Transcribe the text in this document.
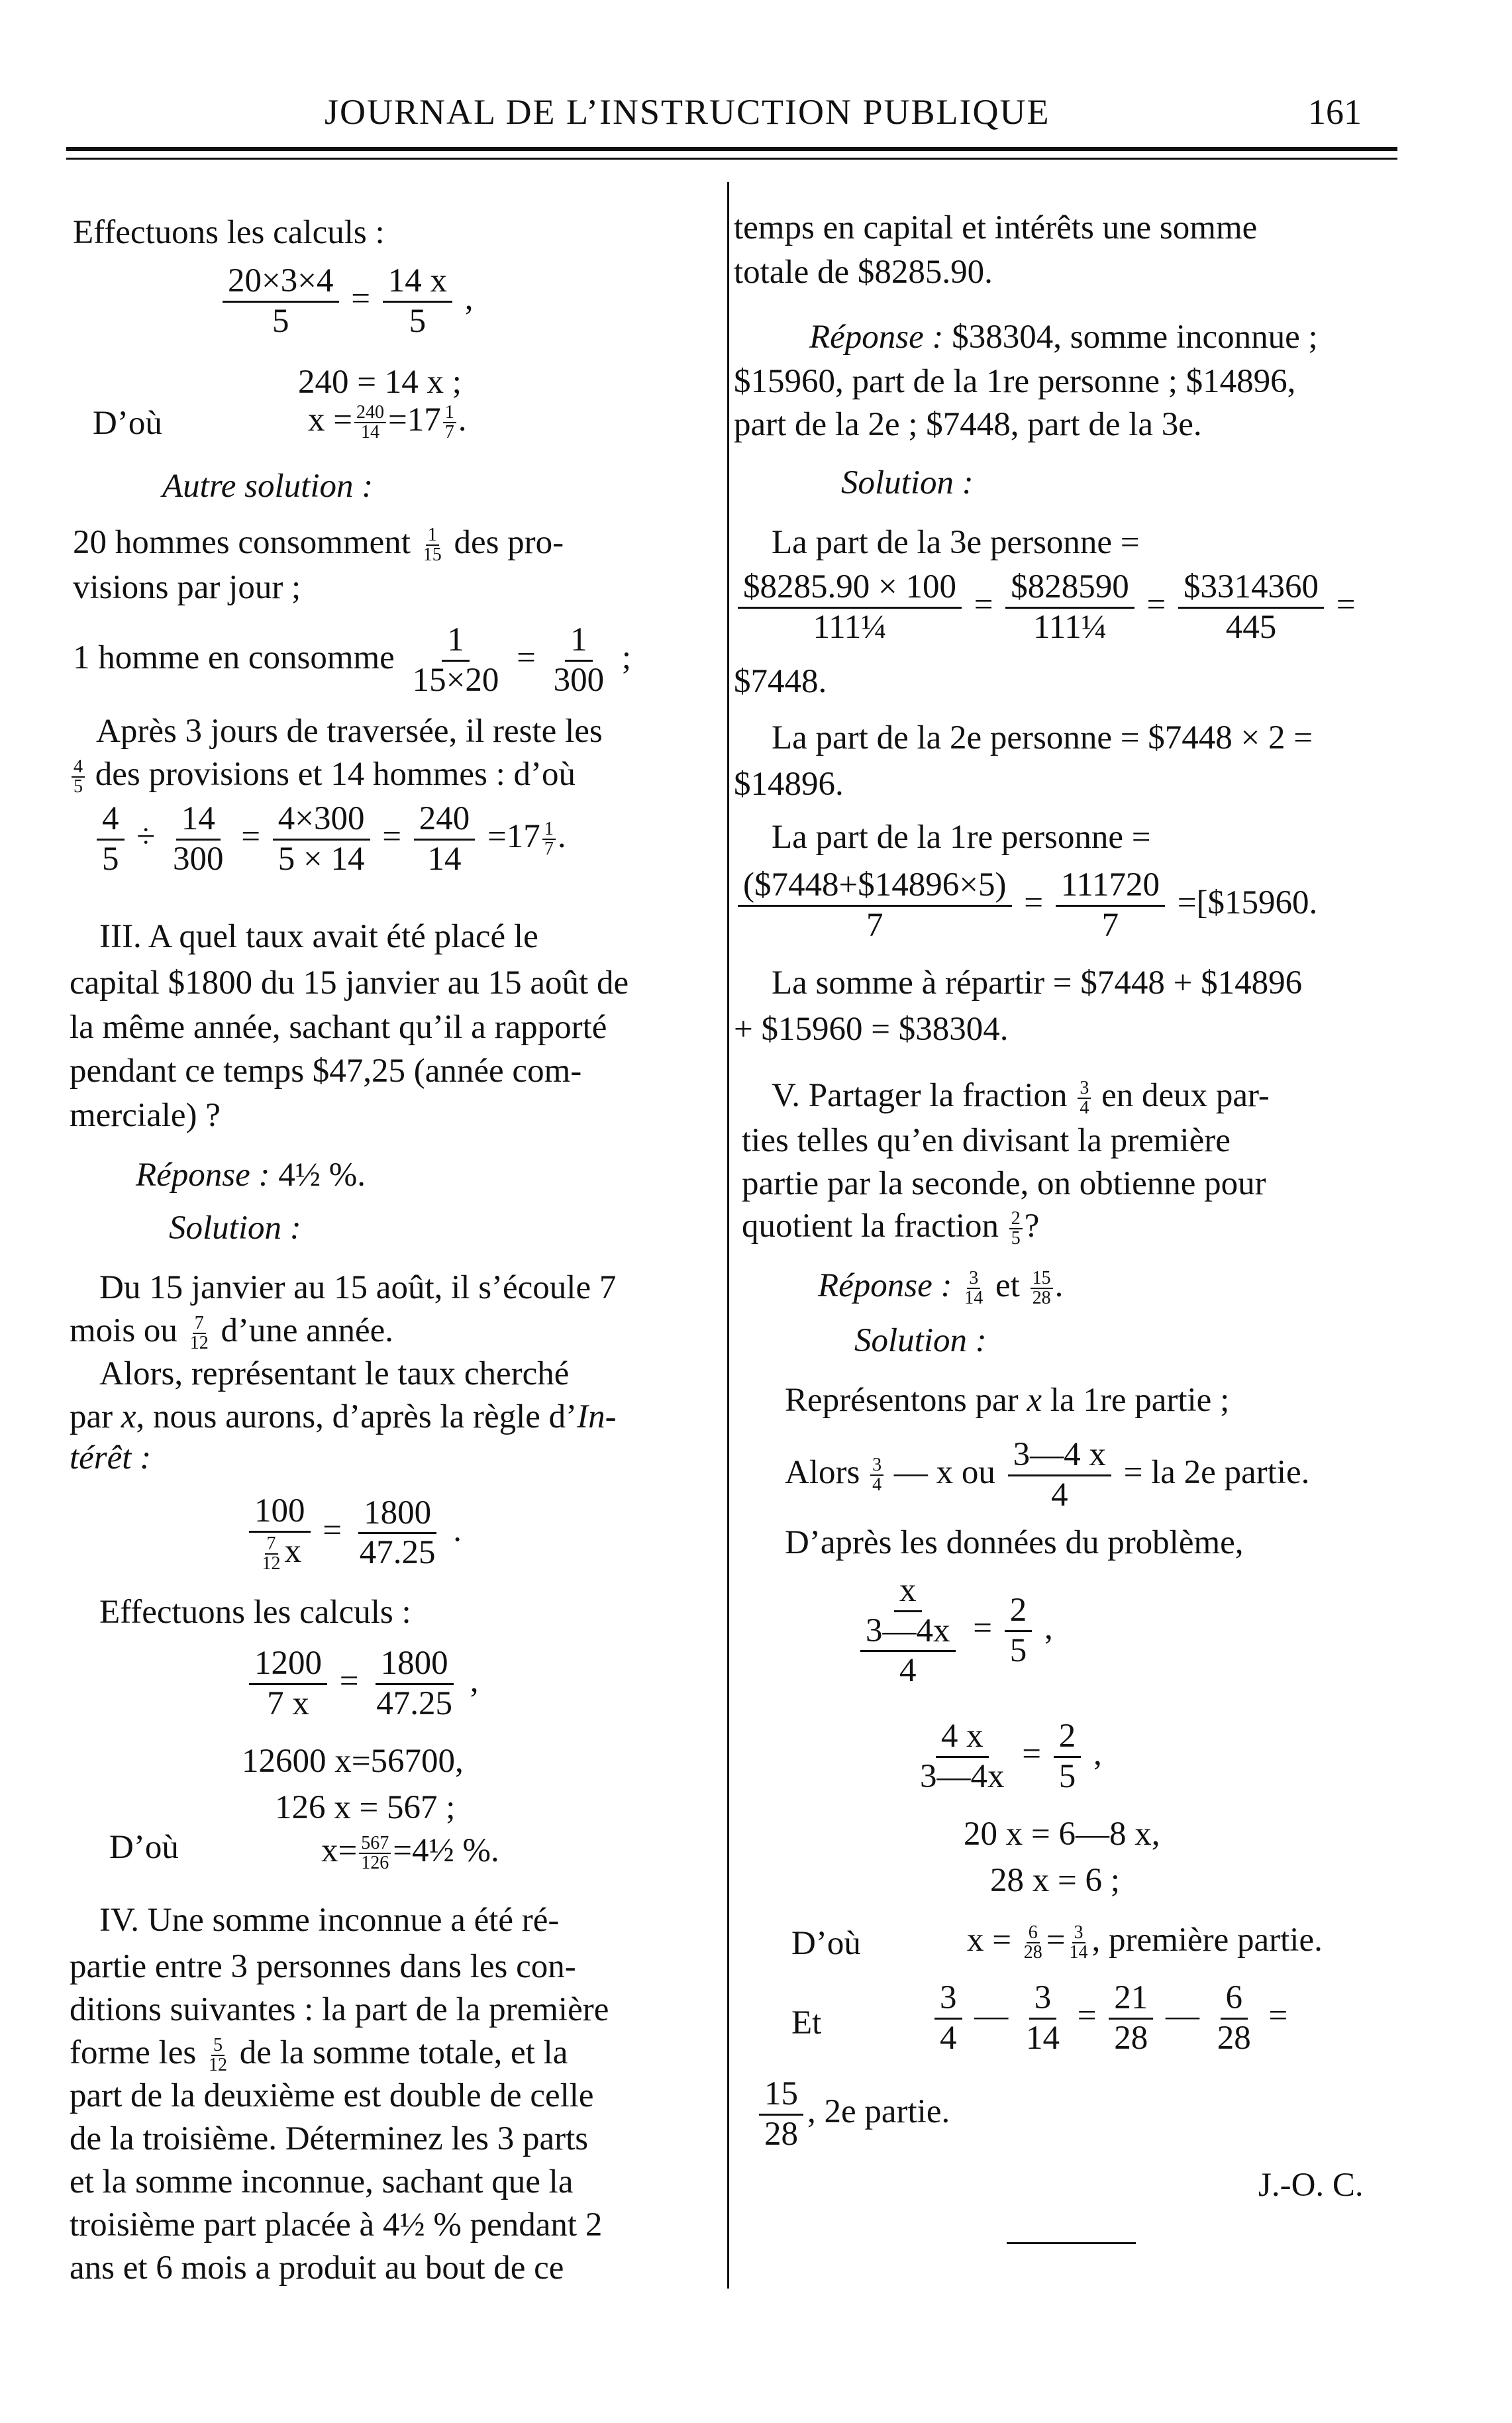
JOURNAL DE L’INSTRUCTION PUBLIQUE	161
Effectuons les calculs :
$\frac{20\times 3\times 4}{5} = \frac{14 x}{5}$ ,
240 = 14 x ;
D’où	$x = \frac{240}{14} =17 \frac{1}{7}$ .
Autre solution :
20 hommes consomment $\frac{1}{15}$ des pro-
visions par jour ;
1 homme en consomme $\frac{1}{15\times 20} = \frac{1}{300}$ ;
Après 3 jours de traversée, il reste les
$\frac{4}{5}$ des provisions et 14 hommes : d’où
$\frac{4}{5} \div \frac{14}{300} = \frac{4\times 300}{5 \times 14} = \frac{240}{14} =17 \frac{1}{7}$ .
III. A quel taux avait été placé le
capital $1800 du 15 janvier au 15 août de
la même année, sachant qu’il a rapporté
pendant ce temps $47,25 (année com-
merciale) ?
Réponse : 4½ %.
Solution :
Du 15 janvier au 15 août, il s’écoule 7
mois ou $\frac{7}{12}$ d’une année.
Alors, représentant le taux cherché
par x, nous aurons, d’après la règle d’In-
térêt :
$\frac{100}{\frac{7}{12} x} = \frac{1800}{47.25}$ .
Effectuons les calculs :
$\frac{1200}{7 x} = \frac{1800}{47.25}$ ,
12600 x=56700,
126 x = 567 ;
D’où	$x= \frac{567}{126}$ =4½ %.
IV. Une somme inconnue a été ré-
partie entre 3 personnes dans les con-
ditions suivantes : la part de la première
forme les $\frac{5}{12}$ de la somme totale, et la
part de la deuxième est double de celle
de la troisième. Déterminez les 3 parts
et la somme inconnue, sachant que la
troisième part placée à 4½ % pendant 2
ans et 6 mois a produit au bout de ce
temps en capital et intérêts une somme
totale de $8285.90.
Réponse : $38304, somme inconnue ;
$15960, part de la 1re personne ; $14896,
part de la 2e ; $7448, part de la 3e.
Solution :
La part de la 3e personne =
$\frac{\$8285.90 \times 100}{\text{111¼}} = \frac{\$828590}{\text{111¼}} = \frac{\$3314360}{445}$ =
$7448.
La part de la 2e personne = $7448 × 2 =
$14896.
La part de la 1re personne =
$\frac{(\$7448+\$14896\times 5)}{7} = \frac{111720}{7}$ =[$15960.
La somme à répartir = $7448 + $14896
+ $15960 = $38304.
V. Partager la fraction $\frac{3}{4}$ en deux par-
ties telles qu’en divisant la première
partie par la seconde, on obtienne pour
quotient la fraction $\frac{2}{5}$ ?
Réponse : $\frac{3}{14}$ et $\frac{15}{28}$ .
Solution :
Représentons par x la 1re partie ;
Alors $\frac{3}{4}$ — x ou $\frac{3—4 x}{4}$ = la 2e partie.
D’après les données du problème,
$\frac{x}{\frac{3—4x}{4}} = \frac{2}{5}$ ,
$\frac{4 x}{3—4x} = \frac{2}{5}$ ,
20 x = 6—8 x,
28 x = 6 ;
D’où	$x = \frac{6}{28} = \frac{3}{14}$ , première partie.
Et	$\frac{3}{4}$ — $\frac{3}{14} = \frac{21}{28}$ — $\frac{6}{28}$ =
$\frac{15}{28}$ , 2e partie.
J.-O. C.
